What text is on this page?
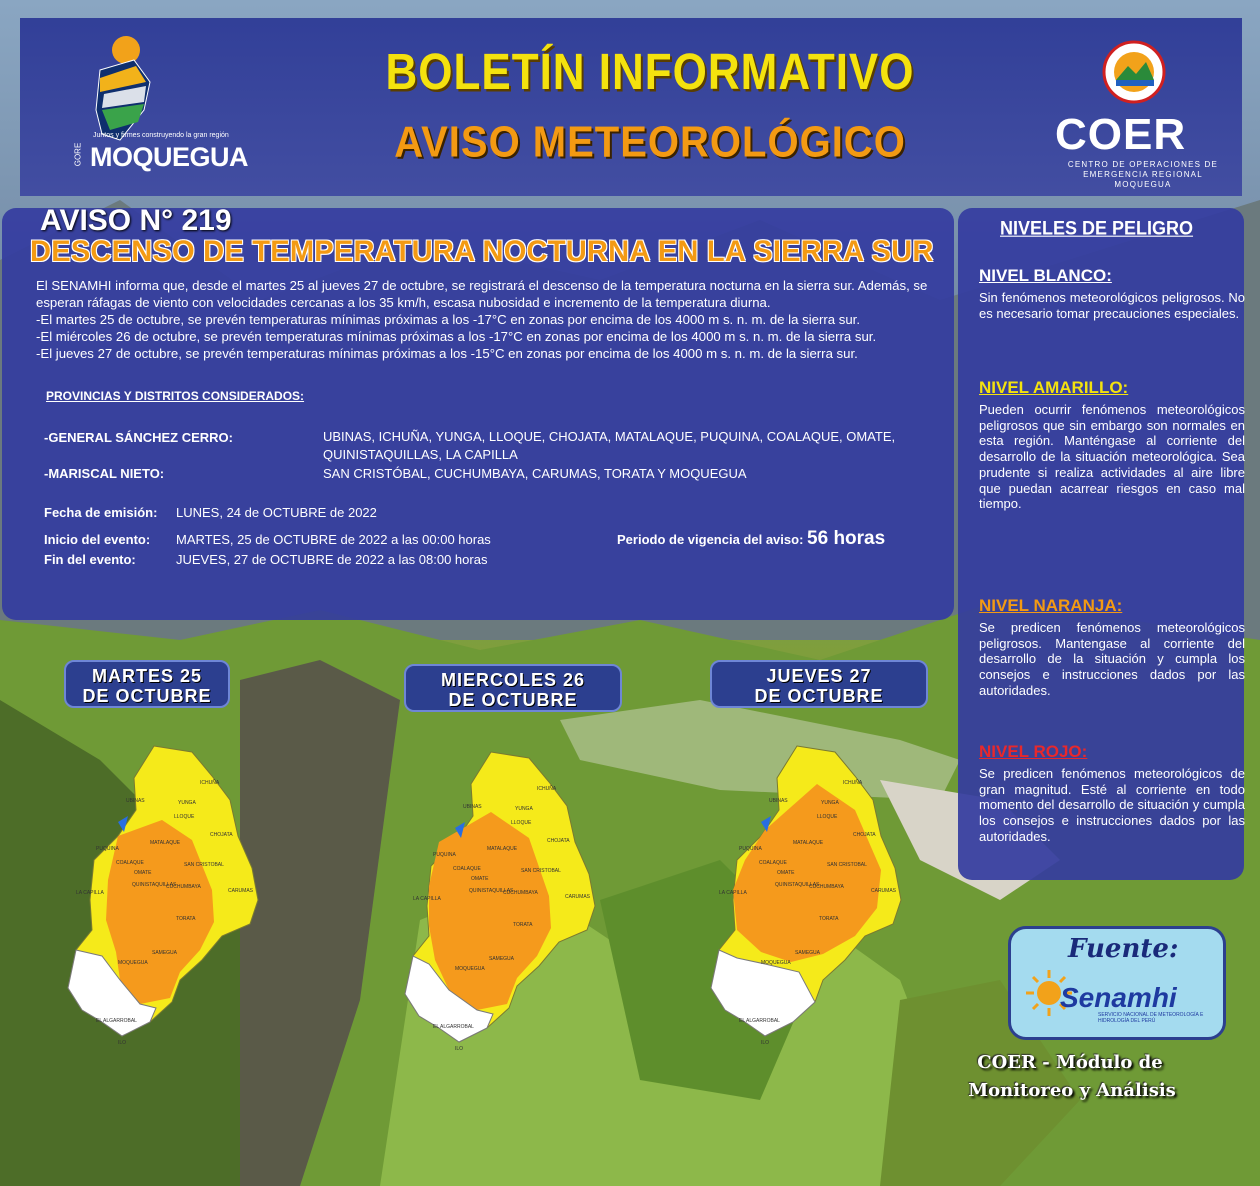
Juntos y firmes construyendo la gran región
GORE MOQUEGUA
BOLETÍN INFORMATIVO
AVISO METEOROLÓGICO	COER
CENTRO DE OPERACIONES DE EMERGENCIA REGIONAL MOQUEGUA
AVISO N° 219
DESCENSO DE TEMPERATURA NOCTURNA EN LA SIERRA SUR
El SENAMHI informa que, desde el martes 25 al jueves 27 de octubre, se registrará el descenso de la temperatura nocturna en la sierra sur. Además, se esperan ráfagas de viento con velocidades cercanas a los 35 km/h, escasa nubosidad e incremento de la temperatura diurna.
-El martes 25 de octubre, se prevén temperaturas mínimas próximas a los -17°C en zonas por encima de los 4000 m s. n. m. de la sierra sur.
-El miércoles 26 de octubre, se prevén temperaturas mínimas próximas a los -17°C en zonas por encima de los 4000 m s. n. m. de la sierra sur.
-El jueves 27 de octubre, se prevén temperaturas mínimas próximas a los -15°C en zonas por encima de los 4000 m s. n. m. de la sierra sur.
PROVINCIAS Y DISTRITOS CONSIDERADOS:
-GENERAL SÁNCHEZ CERRO:	UBINAS, ICHUÑA, YUNGA, LLOQUE, CHOJATA, MATALAQUE, PUQUINA, COALAQUE, OMATE, QUINISTAQUILLAS, LA CAPILLA
-MARISCAL NIETO:	SAN CRISTÓBAL, CUCHUMBAYA, CARUMAS, TORATA Y MOQUEGUA
Fecha de emisión: LUNES, 24 de OCTUBRE de 2022
Inicio del evento: MARTES, 25 de OCTUBRE de 2022 a las 00:00 horas
Fin del evento:	JUEVES, 27 de OCTUBRE de 2022 a las 08:00 horas
Periodo de vigencia del aviso: 56 horas
NIVELES DE PELIGRO
NIVEL BLANCO:
Sin fenómenos meteorológicos peligrosos. No es necesario tomar precauciones especiales.
NIVEL AMARILLO:
Pueden ocurrir fenómenos meteorológicos peligrosos que sin embargo son normales en esta región. Manténgase al corriente del desarrollo de la situación meteorológica. Sea prudente si realiza actividades al aire libre que puedan acarrear riesgos en caso mal tiempo.
NIVEL NARANJA:
Se predicen fenómenos meteorológicos peligrosos. Mantengase al corriente del desarrollo de la situación y cumpla los consejos e instrucciones dados por las autoridades.
NIVEL ROJO:
Se predicen fenómenos meteorológicos de gran magnitud. Esté al corriente en todo momento del desarrollo de situación y cumpla los consejos e instrucciones dados por las autoridades.
MARTES 25
DE OCTUBRE
MIERCOLES 26
DE OCTUBRE
JUEVES 27
DE OCTUBRE
UBINAS
ICHUÑA
YUNGA
LLOQUE
CHOJATA
PUQUINA
MATALAQUE
COALAQUE	SAN CRISTOBAL
OMATE
QUINISTAQUILLAS
LA CAPILLA
CUCHUMBAYA
CARUMAS
TORATA
SAMEGUA
MOQUEGUA
EL ALGARROBAL
ILO
UBINAS
ICHUÑA
YUNGA
LLOQUE
CHOJATA
PUQUINA
MATALAQUE
COALAQUE	SAN CRISTOBAL
OMATE
QUINISTAQUILLAS
LA CAPILLA
CUCHUMBAYA
CARUMAS
TORATA
SAMEGUA
MOQUEGUA
EL ALGARROBAL
ILO
UBINAS
ICHUÑA
YUNGA
LLOQUE
CHOJATA
PUQUINA
MATALAQUE
COALAQUE	SAN CRISTOBAL
OMATE
QUINISTAQUILLAS
LA CAPILLA
CUCHUMBAYA
CARUMAS
TORATA
SAMEGUA
MOQUEGUA
EL ALGARROBAL
ILO
Fuente:
Senamhi
SERVICIO NACIONAL DE METEOROLOGÍA E HIDROLOGÍA DEL PERÚ
COER - Módulo de
Monitoreo y Análisis
